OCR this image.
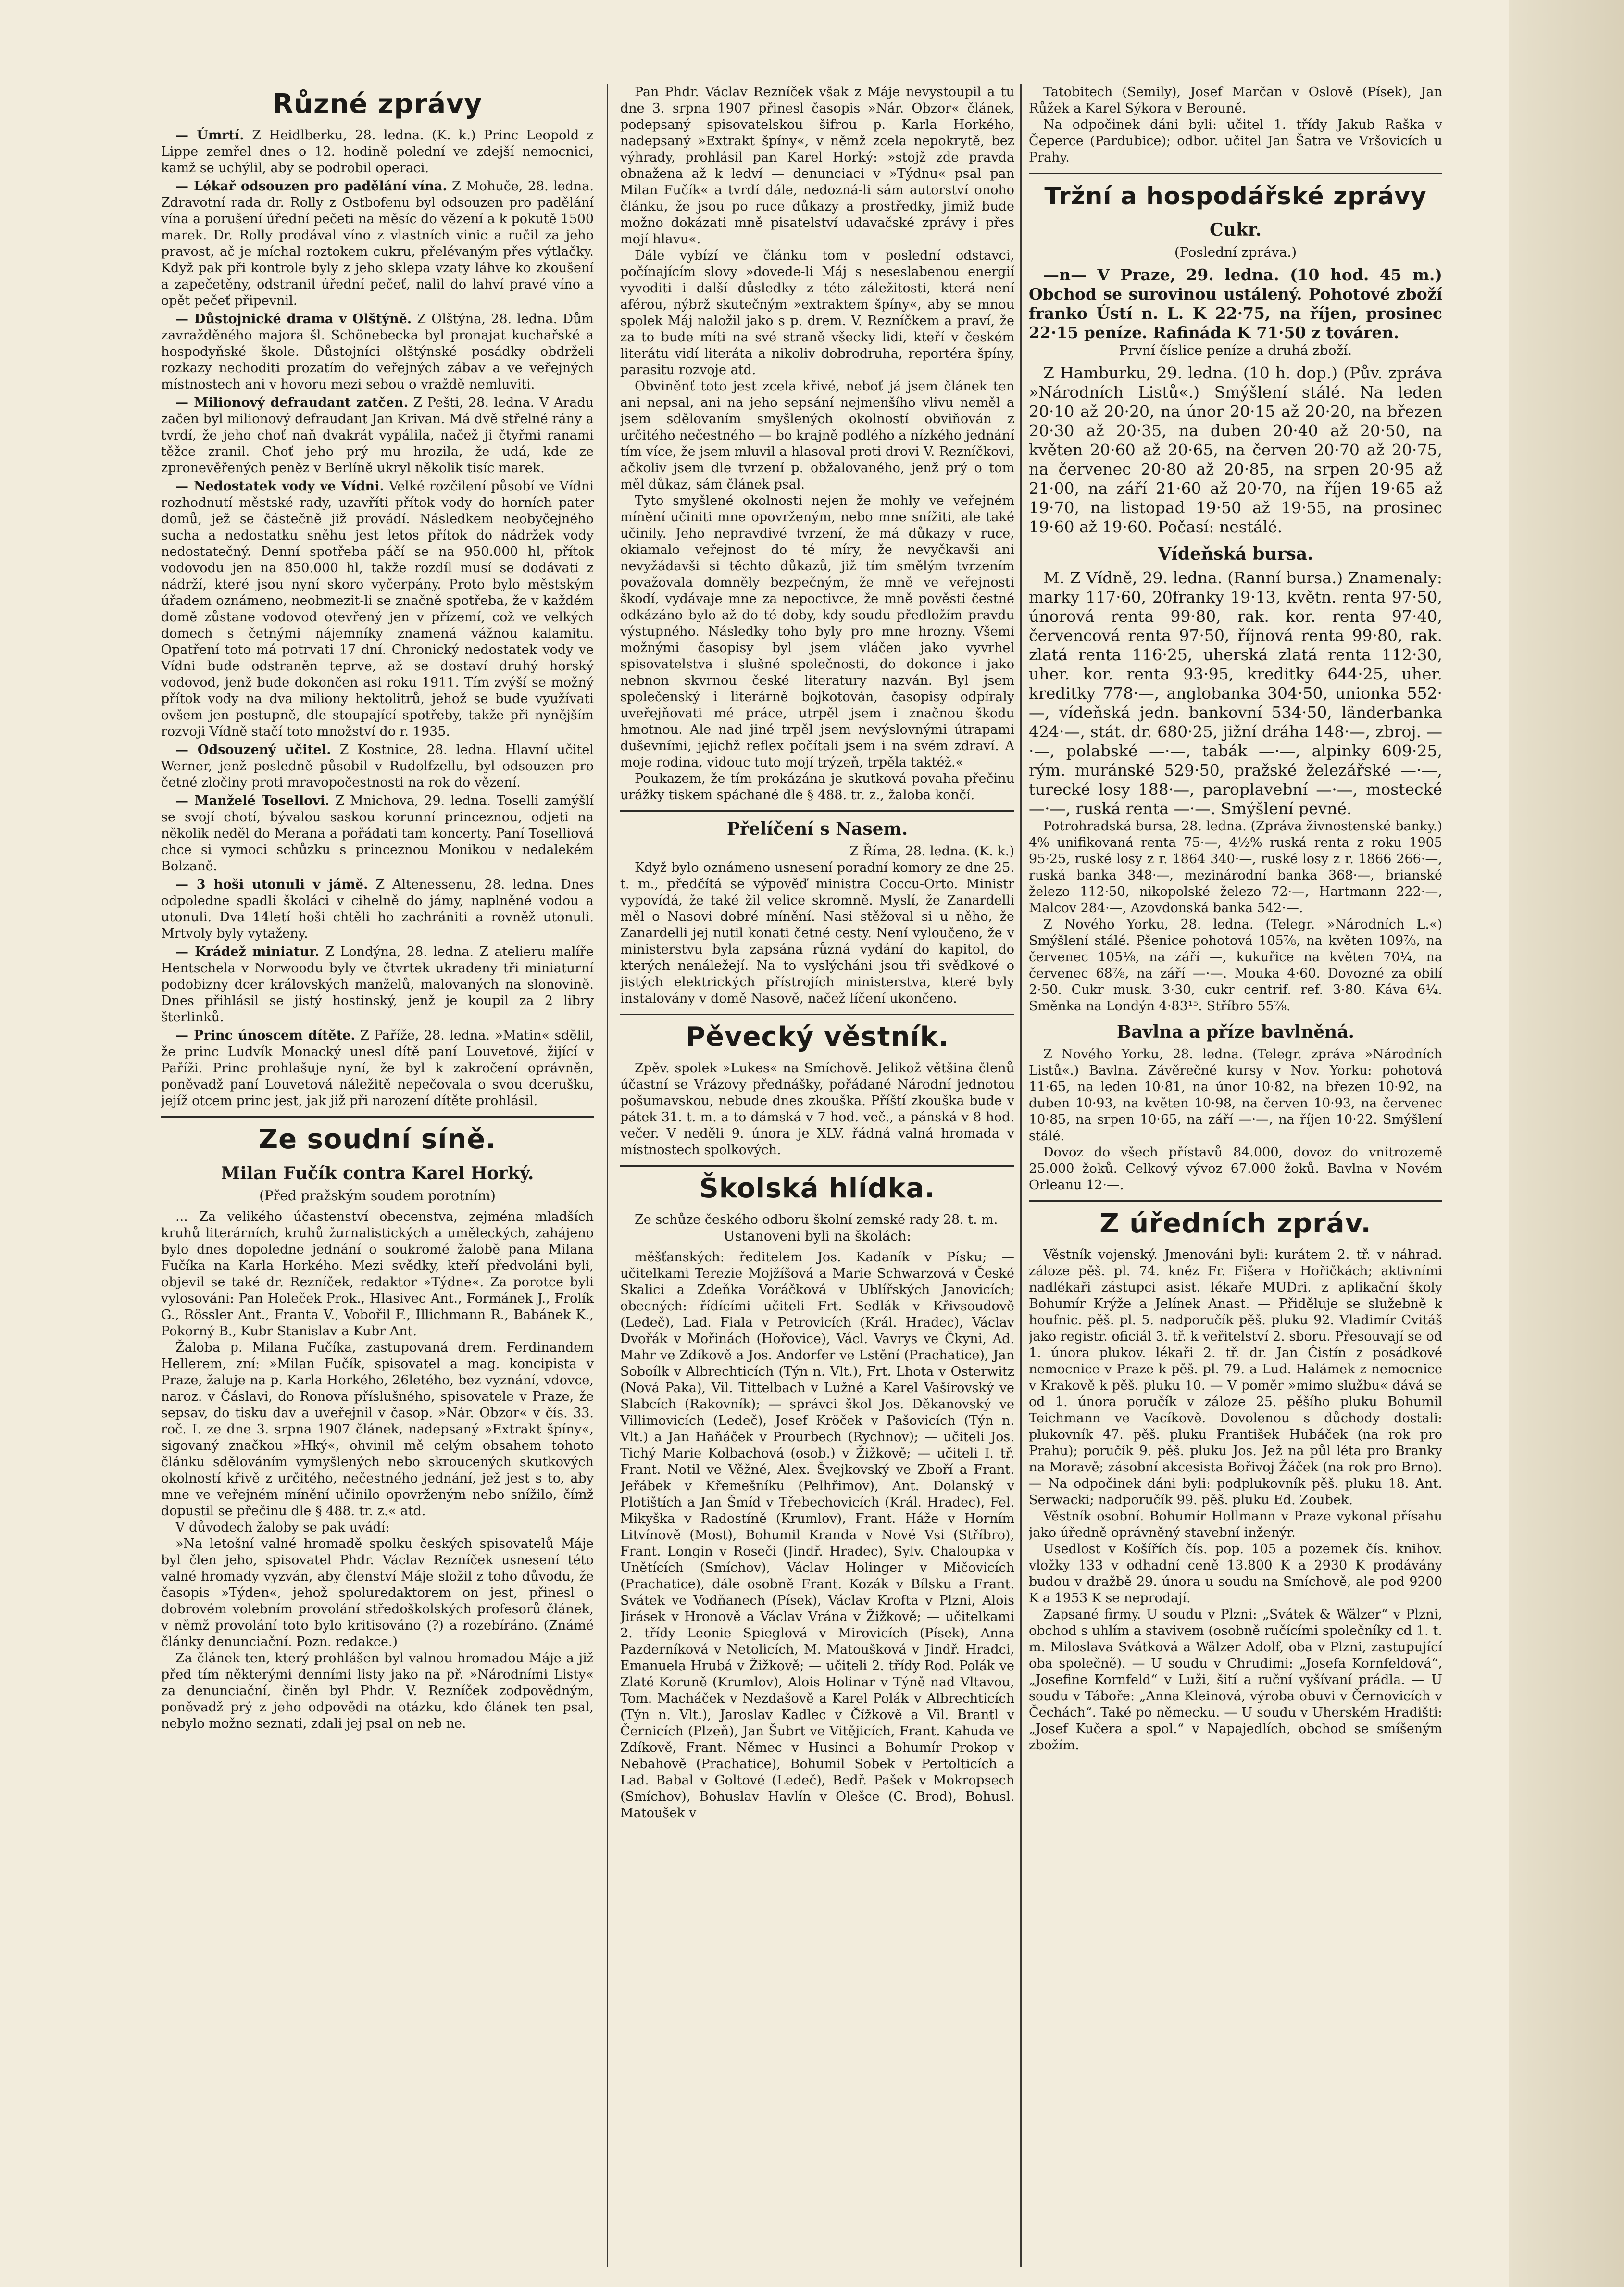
Různé zprávy

— Úmrtí. Z Heidlberku, 28. ledna. (K. k.) Princ Leopold z Lippe zemřel dnes o 12. hodině polední ve zdejší nemocnici, kamž se uchýlil, aby se podrobil operaci.

— Lékař odsouzen pro padělání vína. Z Mohuče, 28. ledna. Zdravotní rada dr. Rolly z Ostbofenu byl odsouzen pro padělání vína a porušení úřední pečeti na měsíc do vězení a k pokutě 1500 marek. Dr. Rolly prodával víno z vlastních vinic a ručil za jeho pravost, ač je míchal roztokem cukru, přelévaným přes výtlačky. Když pak při kontrole byly z jeho sklepa vzaty láhve ko zkoušení a zapečetěny, odstranil úřední pečeť, nalil do lahví pravé víno a opět pečeť připevnil.

— Důstojnické drama v Olštýně. Z Olštýna, 28. ledna. Dům zavražděného majora šl. Schönebecka byl pronajat kuchařské a hospodyňské škole. Důstojníci olštýnské posádky obdrželi rozkazy nechoditi prozatím do veřejných zábav a ve veřejných místnostech ani v hovoru mezi sebou o vraždě nemluviti.

— Milionový defraudant zatčen. Z Pešti, 28. ledna. V Aradu začen byl milionový defraudant Jan Krivan. Má dvě střelné rány a tvrdí, že jeho choť naň dvakrát vypálila, načež ji čtyřmi ranami těžce zranil. Choť jeho prý mu hrozila, že udá, kde ze zpronevěřených peněz v Berlíně ukryl několik tisíc marek.

— Nedostatek vody ve Vídni. Velké rozčilení působí ve Vídni rozhodnutí městské rady, uzavříti přítok vody do horních pater domů, jež se částečně již provádí. Následkem neobyčejného sucha a nedostatku sněhu jest letos přítok do nádržek vody nedostatečný. Denní spotřeba páčí se na 950.000 hl, přítok vodovodu jen na 850.000 hl, takže rozdíl musí se dodávati z nádrží, které jsou nyní skoro vyčerpány. Proto bylo městským úřadem oznámeno, neobmezit-li se značně spotřeba, že v každém domě zůstane vodovod otevřený jen v přízemí, což ve velkých domech s četnými nájemníky znamená vážnou kalamitu. Opatření toto má potrvati 17 dní. Chronický nedostatek vody ve Vídni bude odstraněn teprve, až se dostaví druhý horský vodovod, jenž bude dokončen asi roku 1911. Tím zvýší se možný přítok vody na dva miliony hektolitrů, jehož se bude využívati ovšem jen postupně, dle stoupající spotřeby, takže při nynějším rozvoji Vídně stačí toto množství do r. 1935.

— Odsouzený učitel. Z Kostnice, 28. ledna. Hlavní učitel Werner, jenž posledně působil v Rudolfzellu, byl odsouzen pro četné zločiny proti mravopočestnosti na rok do vězení.

— Manželé Tosellovi. Z Mnichova, 29. ledna. Toselli zamýšlí se svojí chotí, bývalou saskou korunní princeznou, odjeti na několik neděl do Merana a pořádati tam koncerty. Paní Toselliová chce si vymoci schůzku s princeznou Monikou v nedalekém Bolzaně.

— 3 hoši utonuli v jámě. Z Altenessenu, 28. ledna. Dnes odpoledne spadli školáci v cihelně do jámy, naplněné vodou a utonuli. Dva 14letí hoši chtěli ho zachrániti a rovněž utonuli. Mrtvoly byly vytaženy.

— Krádež miniatur. Z Londýna, 28. ledna. Z atelieru malíře Hentschela v Norwoodu byly ve čtvrtek ukradeny tři miniaturní podobizny dcer královských manželů, malovaných na slonovině. Dnes přihlásil se jistý hostinský, jenž je koupil za 2 libry šterlinků.

— Princ únoscem dítěte. Z Paříže, 28. ledna. »Matin« sdělil, že princ Ludvík Monacký unesl dítě paní Louvetové, žijící v Paříži. Princ prohlašuje nyní, že byl k zakročení oprávněn, poněvadž paní Louvetová náležitě nepečovala o svou dcerušku, jejíž otcem princ jest, jak již při narození dítěte prohlásil.

Ze soudní síně.
Milan Fučík contra Karel Horký.
(Před pražským soudem porotním)

... Za velikého účastenství obecenstva, zejména mladších kruhů literárních, kruhů žurnalistických a uměleckých, zahájeno bylo dnes dopoledne jednání o soukromé žalobě pana Milana Fučíka na Karla Horkého. Mezi svědky, kteří předvoláni byli, objevil se také dr. Rezníček, redaktor »Týdne«. Za porotce byli vylosováni: Pan Holeček Prok., Hlasivec Ant., Formánek J., Frolík G., Rössler Ant., Franta V., Vobořil F., Illichmann R., Babánek K., Pokorný B., Kubr Stanislav a Kubr Ant.

Žaloba p. Milana Fučíka, zastupovaná drem. Ferdinandem Hellerem, zní: »Milan Fučík, spisovatel a mag. koncipista v Praze, žaluje na p. Karla Horkého, 26letého, bez vyznání, vdovce, naroz. v Čáslavi, do Ronova příslušného, spisovatele v Praze, že sepsav, do tisku dav a uveřejnil v časop. »Nár. Obzor« v čís. 33. roč. I. ze dne 3. srpna 1907 článek, nadepsaný »Extrakt špíny«, sigovaný značkou »Hký«, ohvinil mě celým obsahem tohoto článku sdělováním vymyšlených nebo skroucených skutkových okolností křivě z určitého, nečestného jednání, jež jest s to, aby mne ve veřejném mínění učinilo opovrženým nebo snížilo, čímž dopustil se přečinu dle § 488. tr. z.« atd.

V důvodech žaloby se pak uvádí:

»Na letošní valné hromadě spolku českých spisovatelů Máje byl člen jeho, spisovatel Phdr. Václav Rezníček usnesení této valné hromady vyzván, aby členství Máje složil z toho důvodu, že časopis »Týden«, jehož spoluredaktorem on jest, přinesl o dobrovém volebním provolání středoškolských profesorů článek, v němž provolání toto bylo kritisováno (?) a rozebíráno. (Známé články denunciační. Pozn. redakce.)

Za článek ten, který prohlášen byl valnou hromadou Máje a již před tím některými denními listy jako na př. »Národními Listy« za denunciační, činěn byl Phdr. V. Rezníček zodpovědným, poněvadž prý z jeho odpovědi na otázku, kdo článek ten psal, nebylo možno seznati, zdali jej psal on neb ne.

Pan Phdr. Václav Rezníček však z Máje nevystoupil a tu dne 3. srpna 1907 přinesl časopis »Nár. Obzor« článek, podepsaný spisovatelskou šifrou p. Karla Horkého, nadepsaný »Extrakt špíny«, v němž zcela nepokrytě, bez výhrady, prohlásil pan Karel Horký: »stojž zde pravda obnažena až k ledví — denunciaci v »Týdnu« psal pan Milan Fučík« a tvrdí dále, nedozná-li sám autorství onoho článku, že jsou po ruce důkazy a prostředky, jimiž bude možno dokázati mně pisatelství udavačské zprávy i přes mojí hlavu«.

Dále vybízí ve článku tom v poslední odstavci, počínajícím slovy »dovede-li Máj s neseslabenou energií vyvoditi i další důsledky z této záležitosti, která není aférou, nýbrž skutečným »extraktem špíny«, aby se mnou spolek Máj naložil jako s p. drem. V. Rezníčkem a praví, že za to bude míti na své straně všecky lidi, kteří v českém literátu vidí literáta a nikoliv dobrodruha, reportéra špíny, parasitu rozvoje atd.

Obviněnť toto jest zcela křivé, neboť já jsem článek ten ani nepsal, ani na jeho sepsání nejmenšího vlivu neměl a jsem sdělovaním smyšlených okolností obviňován z určitého nečestného — bo krajně podlého a nízkého jednání tím více, že jsem mluvil a hlasoval proti drovi V. Rezníčkovi, ačkoliv jsem dle tvrzení p. obžalovaného, jenž prý o tom měl důkaz, sám článek psal.

Tyto smyšlené okolnosti nejen že mohly ve veřejném mínění učiniti mne opovrženým, nebo mne snížiti, ale také učinily. Jeho nepravdivé tvrzení, že má důkazy v ruce, okiamalo veřejnost do té míry, že nevyčkavši ani nevyžádavši si těchto důkazů, již tím smělým tvrzením považovala domněly bezpečným, že mně ve veřejnosti škodí, vydávaje mne za nepoctivce, že mně pověsti čestné odkázáno bylo až do té doby, kdy soudu předložím pravdu výstupného. Následky toho byly pro mne hrozny. Všemi možnými časopisy byl jsem vláčen jako vyvrhel spisovatelstva i slušné společnosti, do dokonce i jako nebnon skvrnou české literatury nazván. Byl jsem společenský i literárně bojkotován, časopisy odpíraly uveřejňovati mé práce, utrpěl jsem i značnou škodu hmotnou. Ale nad jiné trpěl jsem nevýslovnými útrapami duševními, jejichž reflex počítali jsem i na svém zdraví. A moje rodina, vidouc tuto mojí trýzeň, trpěla taktéž.«

Poukazem, že tím prokázána je skutková povaha přečinu urážky tiskem spáchané dle § 488. tr. z., žaloba končí.

Přelíčení s Nasem.

Z Říma, 28. ledna. (K. k.)

Když bylo oznámeno usnesení poradní komory ze dne 25. t. m., předčítá se výpověď ministra Coccu-Orto. Ministr vypovídá, že také žil velice skromně. Myslí, že Zanardelli měl o Nasovi dobré mínění. Nasi stěžoval si u něho, že Zanardelli jej nutil konati četné cesty. Není vyloučeno, že v ministerstvu byla zapsána různá vydání do kapitol, do kterých nenáležejí. Na to vyslýcháni jsou tři svědkové o jistých elektrických přístrojích ministerstva, které byly instalovány v domě Nasově, načež líčení ukončeno.

Pěvecký věstník.

Zpěv. spolek »Lukes« na Smíchově. Jelikož většina členů účastní se Vrázovy přednášky, pořádané Národní jednotou pošumavskou, nebude dnes zkouška. Příští zkouška bude v pátek 31. t. m. a to dámská v 7 hod. več., a pánská v 8 hod. večer. V neděli 9. února je XLV. řádná valná hromada v místnostech spolkových.

Školská hlídka.

Ze schůze českého odboru školní zemské rady 28. t. m.

Ustanoveni byli na školách:

měšťanských: ředitelem Jos. Kadaník v Písku; — učitelkami Terezie Mojžíšová a Marie Schwarzová v České Skalici a Zdeňka Voráčková v Ublířských Janovicích; obecných: řídícími učiteli Frt. Sedlák v Křivsoudově (Ledeč), Lad. Fiala v Petrovicích (Král. Hradec), Václav Dvořák v Mořinách (Hořovice), Václ. Vavrys ve Čkyni, Ad. Mahr ve Zdíkově a Jos. Andorfer ve Lstění (Prachatice), Jan Soboílk v Albrechticích (Týn n. Vlt.), Frt. Lhota v Osterwitz (Nová Paka), Vil. Tittelbach v Lužné a Karel Vašírovský ve Slabcích (Rakovník); — správci škol Jos. Děkanovský ve Villimovicích (Ledeč), Josef Kröček v Pašovicích (Týn n. Vlt.) a Jan Haňáček v Prourbech (Rychnov); — učiteli Jos. Tichý Marie Kolbachová (osob.) v Žižkově; — učiteli I. tř. Frant. Notil ve Věžné, Alex. Švejkovský ve Zboří a Frant. Jeřábek v Křemešníku (Pelhřimov), Ant. Dolanský v Plotištích a Jan Šmíd v Třebechovicích (Král. Hradec), Fel. Mikyška v Radostíně (Krumlov), Frant. Háže v Horním Litvínově (Most), Bohumil Kranda v Nové Vsi (Stříbro), Frant. Longin v Roseči (Jindř. Hradec), Sylv. Chaloupka v Unětících (Smíchov), Václav Holinger v Mičovicích (Prachatice), dále osobně Frant. Kozák v Bílsku a Frant. Svátek ve Vodňanech (Písek), Václav Krofta v Plzni, Alois Jirásek v Hronově a Václav Vrána v Žižkově; — učitelkami 2. třídy Leonie Spieglová v Mirovicích (Písek), Anna Pazderníková v Netolicích, M. Matoušková v Jindř. Hradci, Emanuela Hrubá v Žižkově; — učiteli 2. třídy Rod. Polák ve Zlaté Koruně (Krumlov), Alois Holinar v Týně nad Vltavou, Tom. Macháček v Nezdašově a Karel Polák v Albrechticích (Týn n. Vlt.), Jaroslav Kadlec v Čížkově a Vil. Brantl v Černicích (Plzeň), Jan Šubrt ve Vitějicích, Frant. Kahuda ve Zdíkově, Frant. Němec v Husinci a Bohumír Prokop v Nebahově (Prachatice), Bohumil Sobek v Pertolticích a Lad. Babal v Goltové (Ledeč), Bedř. Pašek v Mokropsech (Smíchov), Bohuslav Havlín v Olešce (C. Brod), Bohusl. Matoušek v

Tatobitech (Semily), Josef Marčan v Oslově (Písek), Jan Růžek a Karel Sýkora v Berouně.

Na odpočinek dáni byli: učitel 1. třídy Jakub Raška v Čeperce (Pardubice); odbor. učitel Jan Šatra ve Vršovicích u Prahy.

Tržní a hospodářské zprávy
Cukr.
(Poslední zpráva.)

—n— V Praze, 29. ledna. (10 hod. 45 m.) Obchod se surovinou ustálený. Pohotové zboží franko Ústí n. L. K 22·75, na říjen, prosinec 22·15 peníze. Rafináda K 71·50 z továren.

První číslice peníze a druhá zboží.

Z Hamburku, 29. ledna. (10 h. dop.) (Pův. zpráva »Národních Listů«.) Smýšlení stálé. Na leden 20·10 až 20·20, na únor 20·15 až 20·20, na březen 20·30 až 20·35, na duben 20·40 až 20·50, na květen 20·60 až 20·65, na červen 20·70 až 20·75, na červenec 20·80 až 20·85, na srpen 20·95 až 21·00, na září 21·60 až 20·70, na říjen 19·65 až 19·70, na listopad 19·50 až 19·55, na prosinec 19·60 až 19·60. Počasí: nestálé.

Vídeňská bursa.

M. Z Vídně, 29. ledna. (Ranní bursa.) Znamenaly: marky 117·60, 20franky 19·13, květn. renta 97·50, únorová renta 99·80, rak. kor. renta 97·40, červencová renta 97·50, říjnová renta 99·80, rak. zlatá renta 116·25, uherská zlatá renta 112·30, uher. kor. renta 93·95, kreditky 644·25, uher. kreditky 778·—, anglobanka 304·50, unionka 552·—, vídeňská jedn. bankovní 534·50, länderbanka 424·—, stát. dr. 680·25, jižní dráha 148·—, zbroj. —·—, polabské —·—, tabák —·—, alpinky 609·25, rým. muránské 529·50, pražské železářské —·—, turecké losy 188·—, paroplavební —·—, mostecké —·—, ruská renta —·—. Smýšlení pevné.

Potrohradská bursa, 28. ledna. (Zpráva živnostenské banky.) 4% unifikovaná renta 75·—, 4½% ruská renta z roku 1905 95·25, ruské losy z r. 1864 340·—, ruské losy z r. 1866 266·—, ruská banka 348·—, mezinárodní banka 368·—, brianské železo 112·50, nikopolské železo 72·—, Hartmann 222·—, Malcov 284·—, Azovdonská banka 542·—.

Z Nového Yorku, 28. ledna. (Telegr. »Národních L.«) Smýšlení stálé. Pšenice pohotová 105⅞, na květen 109⅞, na červenec 105⅛, na září —, kukuřice na květen 70¼, na červenec 68⅞, na září —·—. Mouka 4·60. Dovozné za obilí 2·50. Cukr musk. 3·30, cukr centrif. ref. 3·80. Káva 6¼. Směnka na Londýn 4·83¹⁵. Stříbro 55⅞.

Bavlna a příze bavlněná.

Z Nového Yorku, 28. ledna. (Telegr. zpráva »Národních Listů«.) Bavlna. Závěrečné kursy v Nov. Yorku: pohotová 11·65, na leden 10·81, na únor 10·82, na březen 10·92, na duben 10·93, na květen 10·98, na červen 10·93, na červenec 10·85, na srpen 10·65, na září —·—, na říjen 10·22. Smýšlení stálé.

Dovoz do všech přístavů 84.000, dovoz do vnitrozemě 25.000 žoků. Celkový vývoz 67.000 žoků. Bavlna v Novém Orleanu 12·—.

Z úředních zpráv.

Věstník vojenský. Jmenováni byli: kurátem 2. tř. v náhrad. záloze pěš. pl. 74. kněz Fr. Fišera v Hořičkách; aktivními nadlékaři zástupci asist. lékaře MUDri. z aplikační školy Bohumír Krýže a Jelínek Anast. — Přiděluje se služebně k houfnic. pěš. pl. 5. nadporučík pěš. pluku 92. Vladimír Cvitáš jako registr. oficiál 3. tř. k veřitelství 2. sboru. Přesouvají se od 1. února plukov. lékaři 2. tř. dr. Jan Čistín z posádkové nemocnice v Praze k pěš. pl. 79. a Lud. Halámek z nemocnice v Krakově k pěš. pluku 10. — V poměr »mimo službu« dává se od 1. února poručík v záloze 25. pěšího pluku Bohumil Teichmann ve Vacíkově. Dovolenou s důchody dostali: plukovník 47. pěš. pluku František Hubáček (na rok pro Prahu); poručík 9. pěš. pluku Jos. Jež na půl léta pro Branky na Moravě; zásobní akcesista Bořivoj Žáček (na rok pro Brno). — Na odpočinek dáni byli: podplukovník pěš. pluku 18. Ant. Serwacki; nadporučík 99. pěš. pluku Ed. Zoubek.

Věstník osobní. Bohumír Hollmann v Praze vykonal přísahu jako úředně oprávněný stavební inženýr.

Usedlost v Košířích čís. pop. 105 a pozemek čís. knihov. vložky 133 v odhadní ceně 13.800 K a 2930 K prodávány budou v dražbě 29. února u soudu na Smíchově, ale pod 9200 K a 1953 K se neprodají.

Zapsané firmy. U soudu v Plzni: „Svátek & Wälzer“ v Plzni, obchod s uhlím a stavivem (osobně ručícími společníky cd 1. t. m. Miloslava Svátková a Wälzer Adolf, oba v Plzni, zastupující oba společně). — U soudu v Chrudimi: „Josefa Kornfeldová“, „Josefine Kornfeld“ v Luži, šití a ruční vyšívaní prádla. — U soudu v Táboře: „Anna Kleinová, výroba obuvi v Černovicích v Čechách“. Také po německu. — U soudu v Uherském Hradišti: „Josef Kučera a spol.“ v Napajedlích, obchod se smíšeným zbožím.
